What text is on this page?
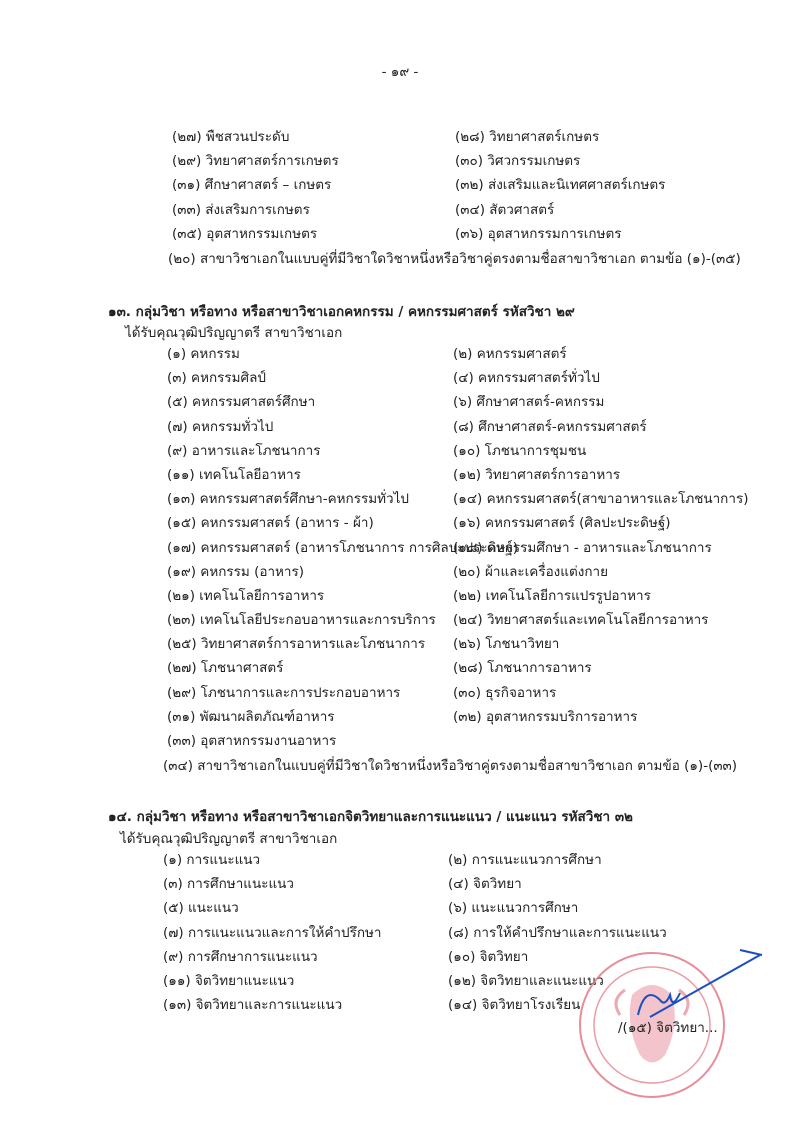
- ๑๙ -
(๒๗) พืชสวนประดับ	(๒๘) วิทยาศาสตร์เกษตร
(๒๙) วิทยาศาสตร์การเกษตร	(๓๐) วิศวกรรมเกษตร
(๓๑) ศึกษาศาสตร์ – เกษตร	(๓๒) ส่งเสริมและนิเทศศาสตร์เกษตร
(๓๓) ส่งเสริมการเกษตร	(๓๔) สัตวศาสตร์
(๓๕) อุตสาหกรรมเกษตร	(๓๖) อุตสาหกรรมการเกษตร
(๒๐) สาขาวิชาเอกในแบบคู่ที่มีวิชาใดวิชาหนึ่งหรือวิชาคู่ตรงตามชื่อสาขาวิชาเอก ตามข้อ (๑)-(๓๕)
๑๓. กลุ่มวิชา หรือทาง หรือสาขาวิชาเอกคหกรรม / คหกรรมศาสตร์ รหัสวิชา ๒๙
ได้รับคุณวุฒิปริญญาตรี สาขาวิชาเอก
(๑) คหกรรม	(๒) คหกรรมศาสตร์
(๓) คหกรรมศิลป์	(๔) คหกรรมศาสตร์ทั่วไป
(๕) คหกรรมศาสตร์ศึกษา	(๖) ศึกษาศาสตร์-คหกรรม
(๗) คหกรรมทั่วไป	(๘) ศึกษาศาสตร์-คหกรรมศาสตร์
(๙) อาหารและโภชนาการ	(๑๐) โภชนาการชุมชน
(๑๑) เทคโนโลยีอาหาร	(๑๒) วิทยาศาสตร์การอาหาร
(๑๓) คหกรรมศาสตร์ศึกษา-คหกรรมทั่วไป	(๑๔) คหกรรมศาสตร์(สาขาอาหารและโภชนาการ)
(๑๕) คหกรรมศาสตร์ (อาหาร - ผ้า)	(๑๖) คหกรรมศาสตร์ (ศิลปะประดิษฐ์)
(๑๗) คหกรรมศาสตร์ (อาหารโภชนาการ การศิลปะประดิษฐ์)
(๑๘) คหกรรมศึกษา - อาหารและโภชนาการ
(๑๙) คหกรรม (อาหาร)	(๒๐) ผ้าและเครื่องแต่งกาย
(๒๑) เทคโนโลยีการอาหาร	(๒๒) เทคโนโลยีการแปรรูปอาหาร
(๒๓) เทคโนโลยีประกอบอาหารและการบริการ (๒๔) วิทยาศาสตร์และเทคโนโลยีการอาหาร
(๒๕) วิทยาศาสตร์การอาหารและโภชนาการ (๒๖) โภชนาวิทยา
(๒๗) โภชนาศาสตร์	(๒๘) โภชนาการอาหาร
(๒๙) โภชนาการและการประกอบอาหาร	(๓๐) ธุรกิจอาหาร
(๓๑) พัฒนาผลิตภัณฑ์อาหาร	(๓๒) อุตสาหกรรมบริการอาหาร
(๓๓) อุตสาหกรรมงานอาหาร
(๓๔) สาขาวิชาเอกในแบบคู่ที่มีวิชาใดวิชาหนึ่งหรือวิชาคู่ตรงตามชื่อสาขาวิชาเอก ตามข้อ (๑)-(๓๓)
๑๔. กลุ่มวิชา หรือทาง หรือสาขาวิชาเอกจิตวิทยาและการแนะแนว / แนะแนว รหัสวิชา ๓๒
ได้รับคุณวุฒิปริญญาตรี สาขาวิชาเอก
(๑) การแนะแนว	(๒) การแนะแนวการศึกษา
(๓) การศึกษาแนะแนว	(๔) จิตวิทยา
(๕) แนะแนว	(๖) แนะแนวการศึกษา
(๗) การแนะแนวและการให้คำปรึกษา	(๘) การให้คำปรึกษาและการแนะแนว
(๙) การศึกษาการแนะแนว	(๑๐) จิตวิทยา
(๑๑) จิตวิทยาแนะแนว	(๑๒) จิตวิทยาและแนะแนว
(๑๓) จิตวิทยาและการแนะแนว	(๑๔) จิตวิทยาโรงเรียน
/(๑๕) จิตวิทยา...
